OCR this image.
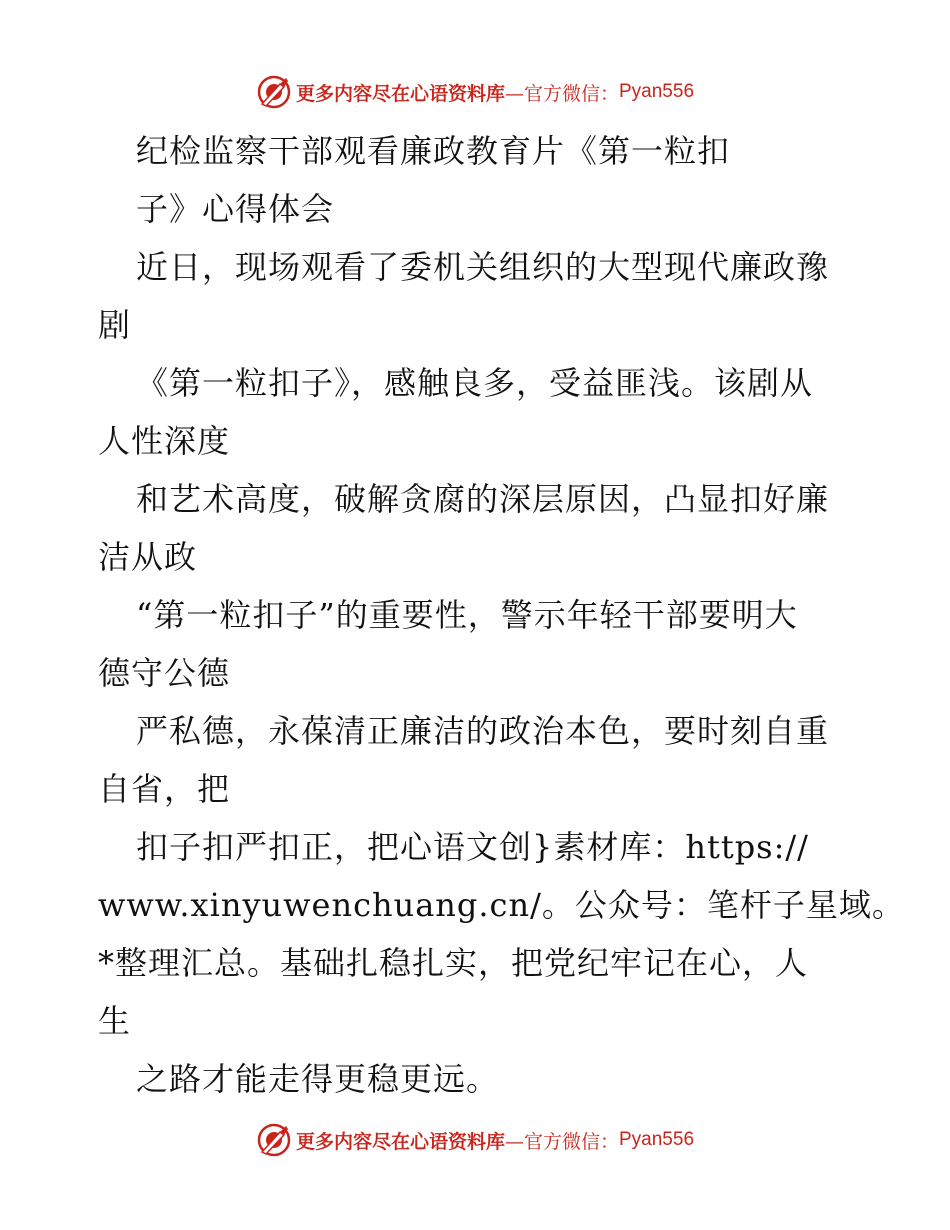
更多内容尽在心语资料库 —官方微信： Pyan556
纪检监察干部观看廉政教育片《第一粒扣
子》心得体会
近日，现场观看了委机关组织的大型现代廉政豫
剧
《第一粒扣子》，感触良多，受益匪浅。该剧从
人性深度
和艺术高度，破解贪腐的深层原因，凸显扣好廉
洁从政
“第一粒扣子”的重要性，警示年轻干部要明大
德守公德
严私德，永葆清正廉洁的政治本色，要时刻自重
自省，把
扣子扣严扣正，把心语文创}素材库：https://
www.xinyuwenchuang.cn/。公众号：笔杆子星域。
*整理汇总。基础扎稳扎实，把党纪牢记在心，人
生
之路才能走得更稳更远。
更多内容尽在心语资料库 —官方微信： Pyan556
